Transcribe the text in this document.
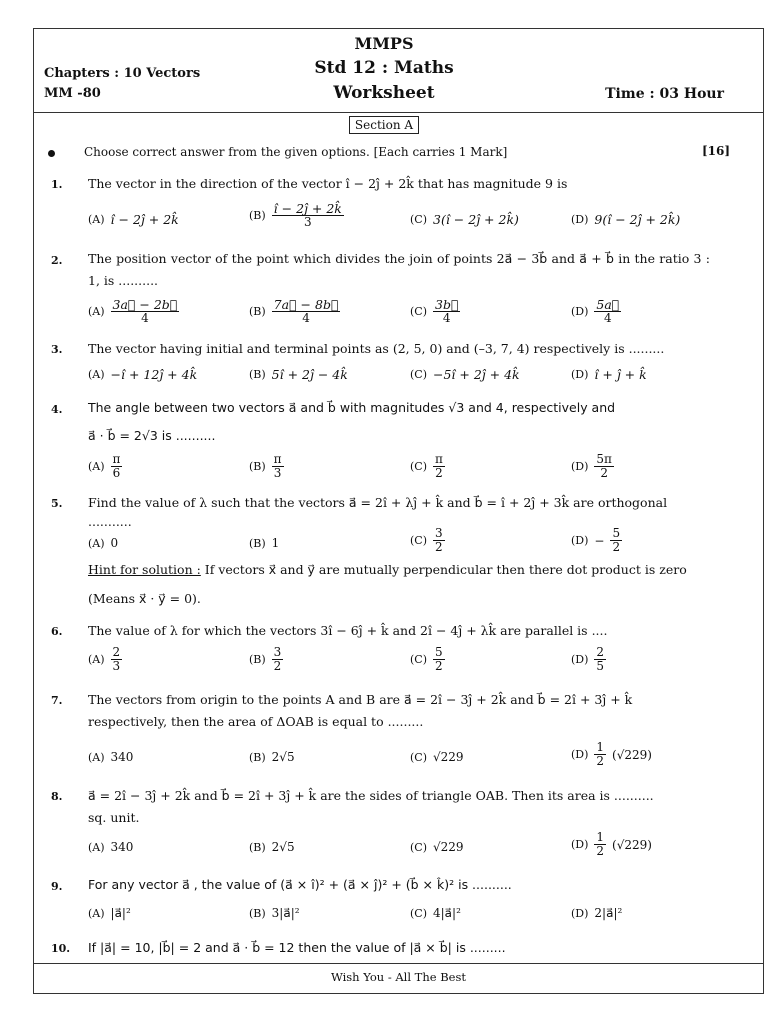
MMPS
Std 12 : Maths
Worksheet
Chapters : 10 Vectors
MM -80	Time : 03 Hour
Section A
Choose correct answer from the given options. [Each carries 1 Mark]	[16]
1. The vector in the direction of the vector î − 2ĵ + 2k̂ that has magnitude 9 is
(A) î − 2ĵ + 2k̂	$(B) \frac{î - 2ĵ + 2k̂}{3}$	(C) 3(î − 2ĵ + 2k̂)	(D) 9(î − 2ĵ + 2k̂)
2. The position vector of the point which divides the join of points 2a⃗ − 3b⃗ and a⃗ + b⃗ in the ratio 3 : 1, is ..........
$(A) \frac{3a⃗ - 2b⃗}{4}$	$(B) \frac{7a⃗ - 8b⃗}{4}$	$(C) \frac{3b⃗}{4}$	$(D) \frac{5a⃗}{4}$
3. The vector having initial and terminal points as (2, 5, 0) and (–3, 7, 4) respectively is .........
(A) −î + 12ĵ + 4k̂	(B) 5î + 2ĵ − 4k̂	(C) −5î + 2ĵ + 4k̂	(D) î + ĵ + k̂
4. The angle between two vectors a⃗ and b⃗ with magnitudes √3 and 4, respectively and
a⃗ · b⃗ = 2√3 is ..........
$(A) \frac{\pi}{6}$	$(B) \frac{\pi}{3}$	$(C) \frac{\pi}{2}$	$(D) \frac{5\pi}{2}$
5. Find the value of λ such that the vectors a⃗ = 2î + λĵ + k̂ and b⃗ = î + 2ĵ + 3k̂ are orthogonal
...........
(A) 0	(B) 1	$(C) \frac{3}{2}$	$(D) - \frac{5}{2}$
Hint for solution : If vectors x⃗ and y⃗ are mutually perpendicular then there dot product is zero
(Means x⃗ · y⃗ = 0).
6. The value of λ for which the vectors 3î − 6ĵ + k̂ and 2î − 4ĵ + λk̂ are parallel is ....
$(A) \frac{2}{3}$	$(B) \frac{3}{2}$	$(C) \frac{5}{2}$	$(D) \frac{2}{5}$
7. The vectors from origin to the points A and B are a⃗ = 2î − 3ĵ + 2k̂ and b⃗ = 2î + 3ĵ + k̂
respectively, then the area of ΔOAB is equal to .........
(A) 340	(B) 2√5	(C) √229	$(D) \frac{1}{2} (√229)$
8. a⃗ = 2î − 3ĵ + 2k̂ and b⃗ = 2î + 3ĵ + k̂ are the sides of triangle OAB. Then its area is ..........
sq. unit.
(A) 340	(B) 2√5	(C) √229	$(D) \frac{1}{2} (√229)$
9. For any vector a⃗ , the value of (a⃗ × î)² + (a⃗ × ĵ)² + (b⃗ × k̂)² is ..........
(A) |a⃗|²	(B) 3|a⃗|²	(C) 4|a⃗|²	(D) 2|a⃗|²
10. If |a⃗| = 10, |b⃗| = 2 and a⃗ · b⃗ = 12 then the value of |a⃗ × b⃗| is .........
Wish You - All The Best
